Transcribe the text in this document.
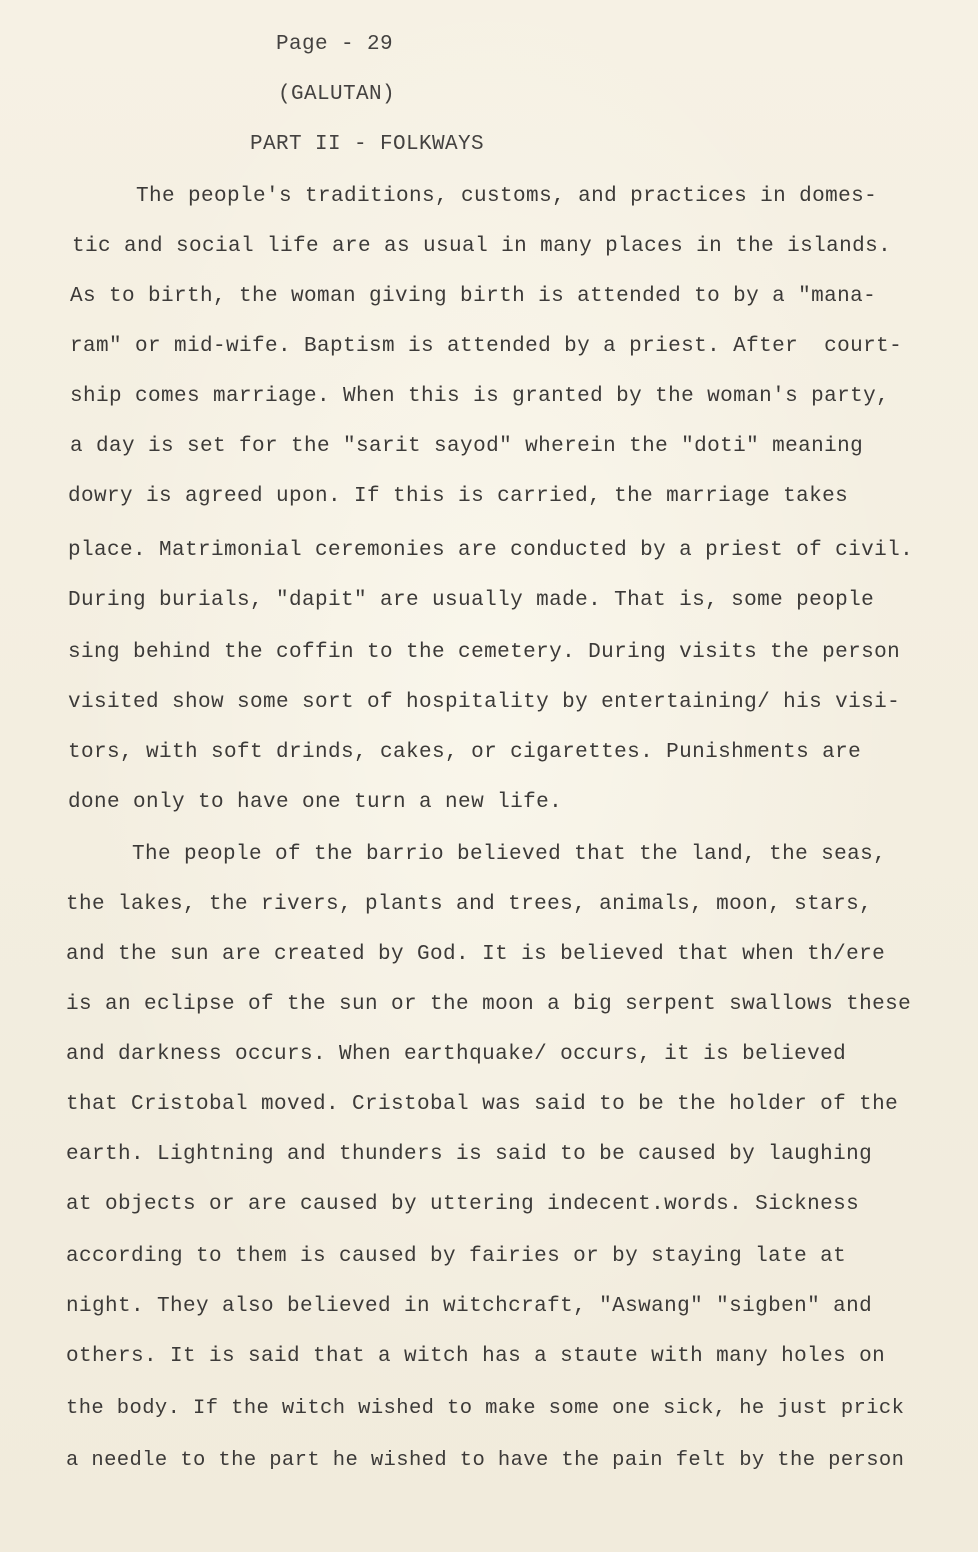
Page - 29

(GALUTAN)

PART II - FOLKWAYS

The people's traditions, customs, and practices in domes-

tic and social life are as usual in many places in the islands.

As to birth, the woman giving birth is attended to by a "mana-

ram" or mid-wife. Baptism is attended by a priest. After  court-

ship comes marriage. When this is granted by the woman's party,

a day is set for the "sarit sayod" wherein the "doti" meaning

dowry is agreed upon. If this is carried, the marriage takes

place. Matrimonial ceremonies are conducted by a priest of civil.

During burials, "dapit" are usually made. That is, some people

sing behind the coffin to the cemetery. During visits the person

visited show some sort of hospitality by entertaining/ his visi-

tors, with soft drinds, cakes, or cigarettes. Punishments are

done only to have one turn a new life.

The people of the barrio believed that the land, the seas,

the lakes, the rivers, plants and trees, animals, moon, stars,

and the sun are created by God. It is believed that when th/ere

is an eclipse of the sun or the moon a big serpent swallows these

and darkness occurs. When earthquake/ occurs, it is believed

that Cristobal moved. Cristobal was said to be the holder of the

earth. Lightning and thunders is said to be caused by laughing

at objects or are caused by uttering indecent.words. Sickness

according to them is caused by fairies or by staying late at

night. They also believed in witchcraft, "Aswang" "sigben" and

others. It is said that a witch has a staute with many holes on

the body. If the witch wished to make some one sick, he just prick

a needle to the part he wished to have the pain felt by the person
